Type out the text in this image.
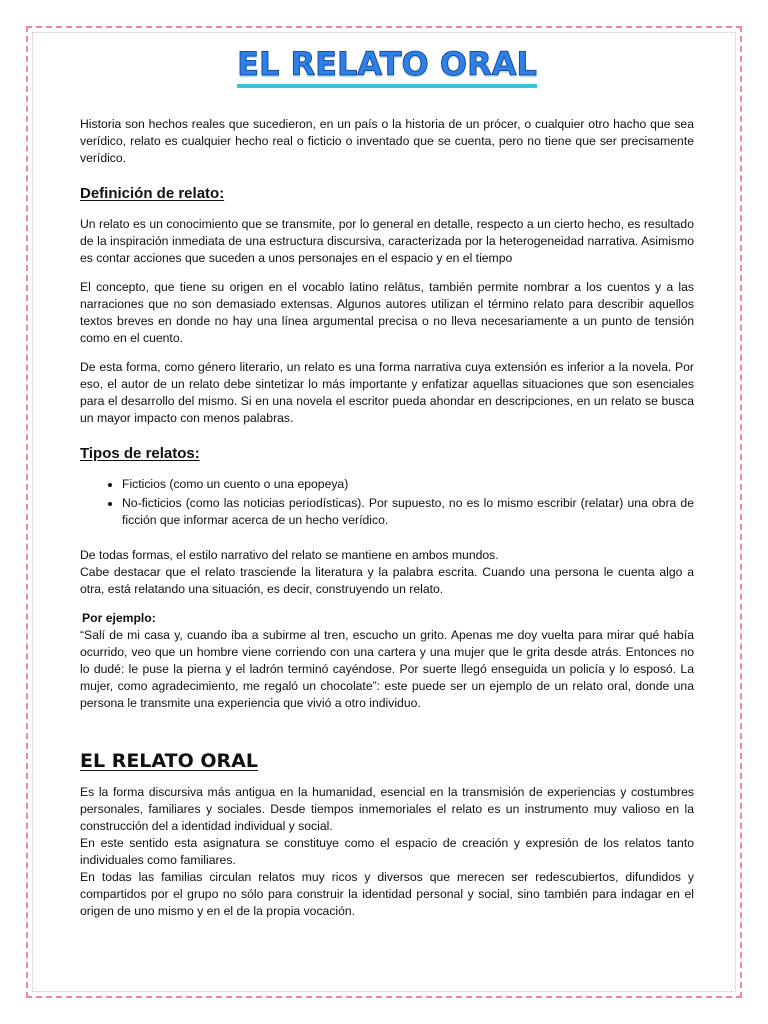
EL RELATO ORAL

Historia son hechos reales que sucedieron, en un país o la historia de un prócer, o cualquier otro hacho que sea verídico, relato es cualquier hecho real o ficticio o inventado que se cuenta, pero no tiene que ser precisamente verídico.

Definición de relato:

Un relato es un conocimiento que se transmite, por lo general en detalle, respecto a un cierto hecho, es resultado de la inspiración inmediata de una estructura discursiva, caracterizada por la heterogeneidad narrativa. Asimismo es contar acciones que suceden a unos personajes en el espacio y en el tiempo

El concepto, que tiene su origen en el vocablo latino relātus, también permite nombrar a los cuentos y a las narraciones que no son demasiado extensas. Algunos autores utilizan el término relato para describir aquellos textos breves en donde no hay una línea argumental precisa o no lleva necesariamente a un punto de tensión como en el cuento.

De esta forma, como género literario, un relato es una forma narrativa cuya extensión es inferior a la novela. Por eso, el autor de un relato debe sintetizar lo más importante y enfatizar aquellas situaciones que son esenciales para el desarrollo del mismo. Si en una novela el escritor pueda ahondar en descripciones, en un relato se busca un mayor impacto con menos palabras.

Tipos de relatos:
• Ficticios (como un cuento o una epopeya)
• No-ficticios (como las noticias periodísticas). Por supuesto, no es lo mismo escribir (relatar) una obra de ficción que informar acerca de un hecho verídico.

De todas formas, el estilo narrativo del relato se mantiene en ambos mundos.

Cabe destacar que el relato trasciende la literatura y la palabra escrita. Cuando una persona le cuenta algo a otra, está relatando una situación, es decir, construyendo un relato.

Por ejemplo:

“Salí de mi casa y, cuando iba a subirme al tren, escucho un grito. Apenas me doy vuelta para mirar qué había ocurrido, veo que un hombre viene corriendo con una cartera y una mujer que le grita desde atrás. Entonces no lo dudé: le puse la pierna y el ladrón terminó cayéndose. Por suerte llegó enseguida un policía y lo esposó. La mujer, como agradecimiento, me regaló un chocolate”: este puede ser un ejemplo de un relato oral, donde una persona le transmite una experiencia que vivió a otro individuo.

EL RELATO ORAL

Es la forma discursiva más antigua en la humanidad, esencial en la transmisión de experiencias y costumbres personales, familiares y sociales. Desde tiempos inmemoriales el relato es un instrumento muy valioso en la construcción del a identidad individual y social.

En este sentido esta asignatura se constituye como el espacio de creación y expresión de los relatos tanto individuales como familiares.

En todas las familias circulan relatos muy ricos y diversos que merecen ser redescubiertos, difundidos y compartidos por el grupo no sólo para construir la identidad personal y social, sino también para indagar en el origen de uno mismo y en el de la propia vocación.
